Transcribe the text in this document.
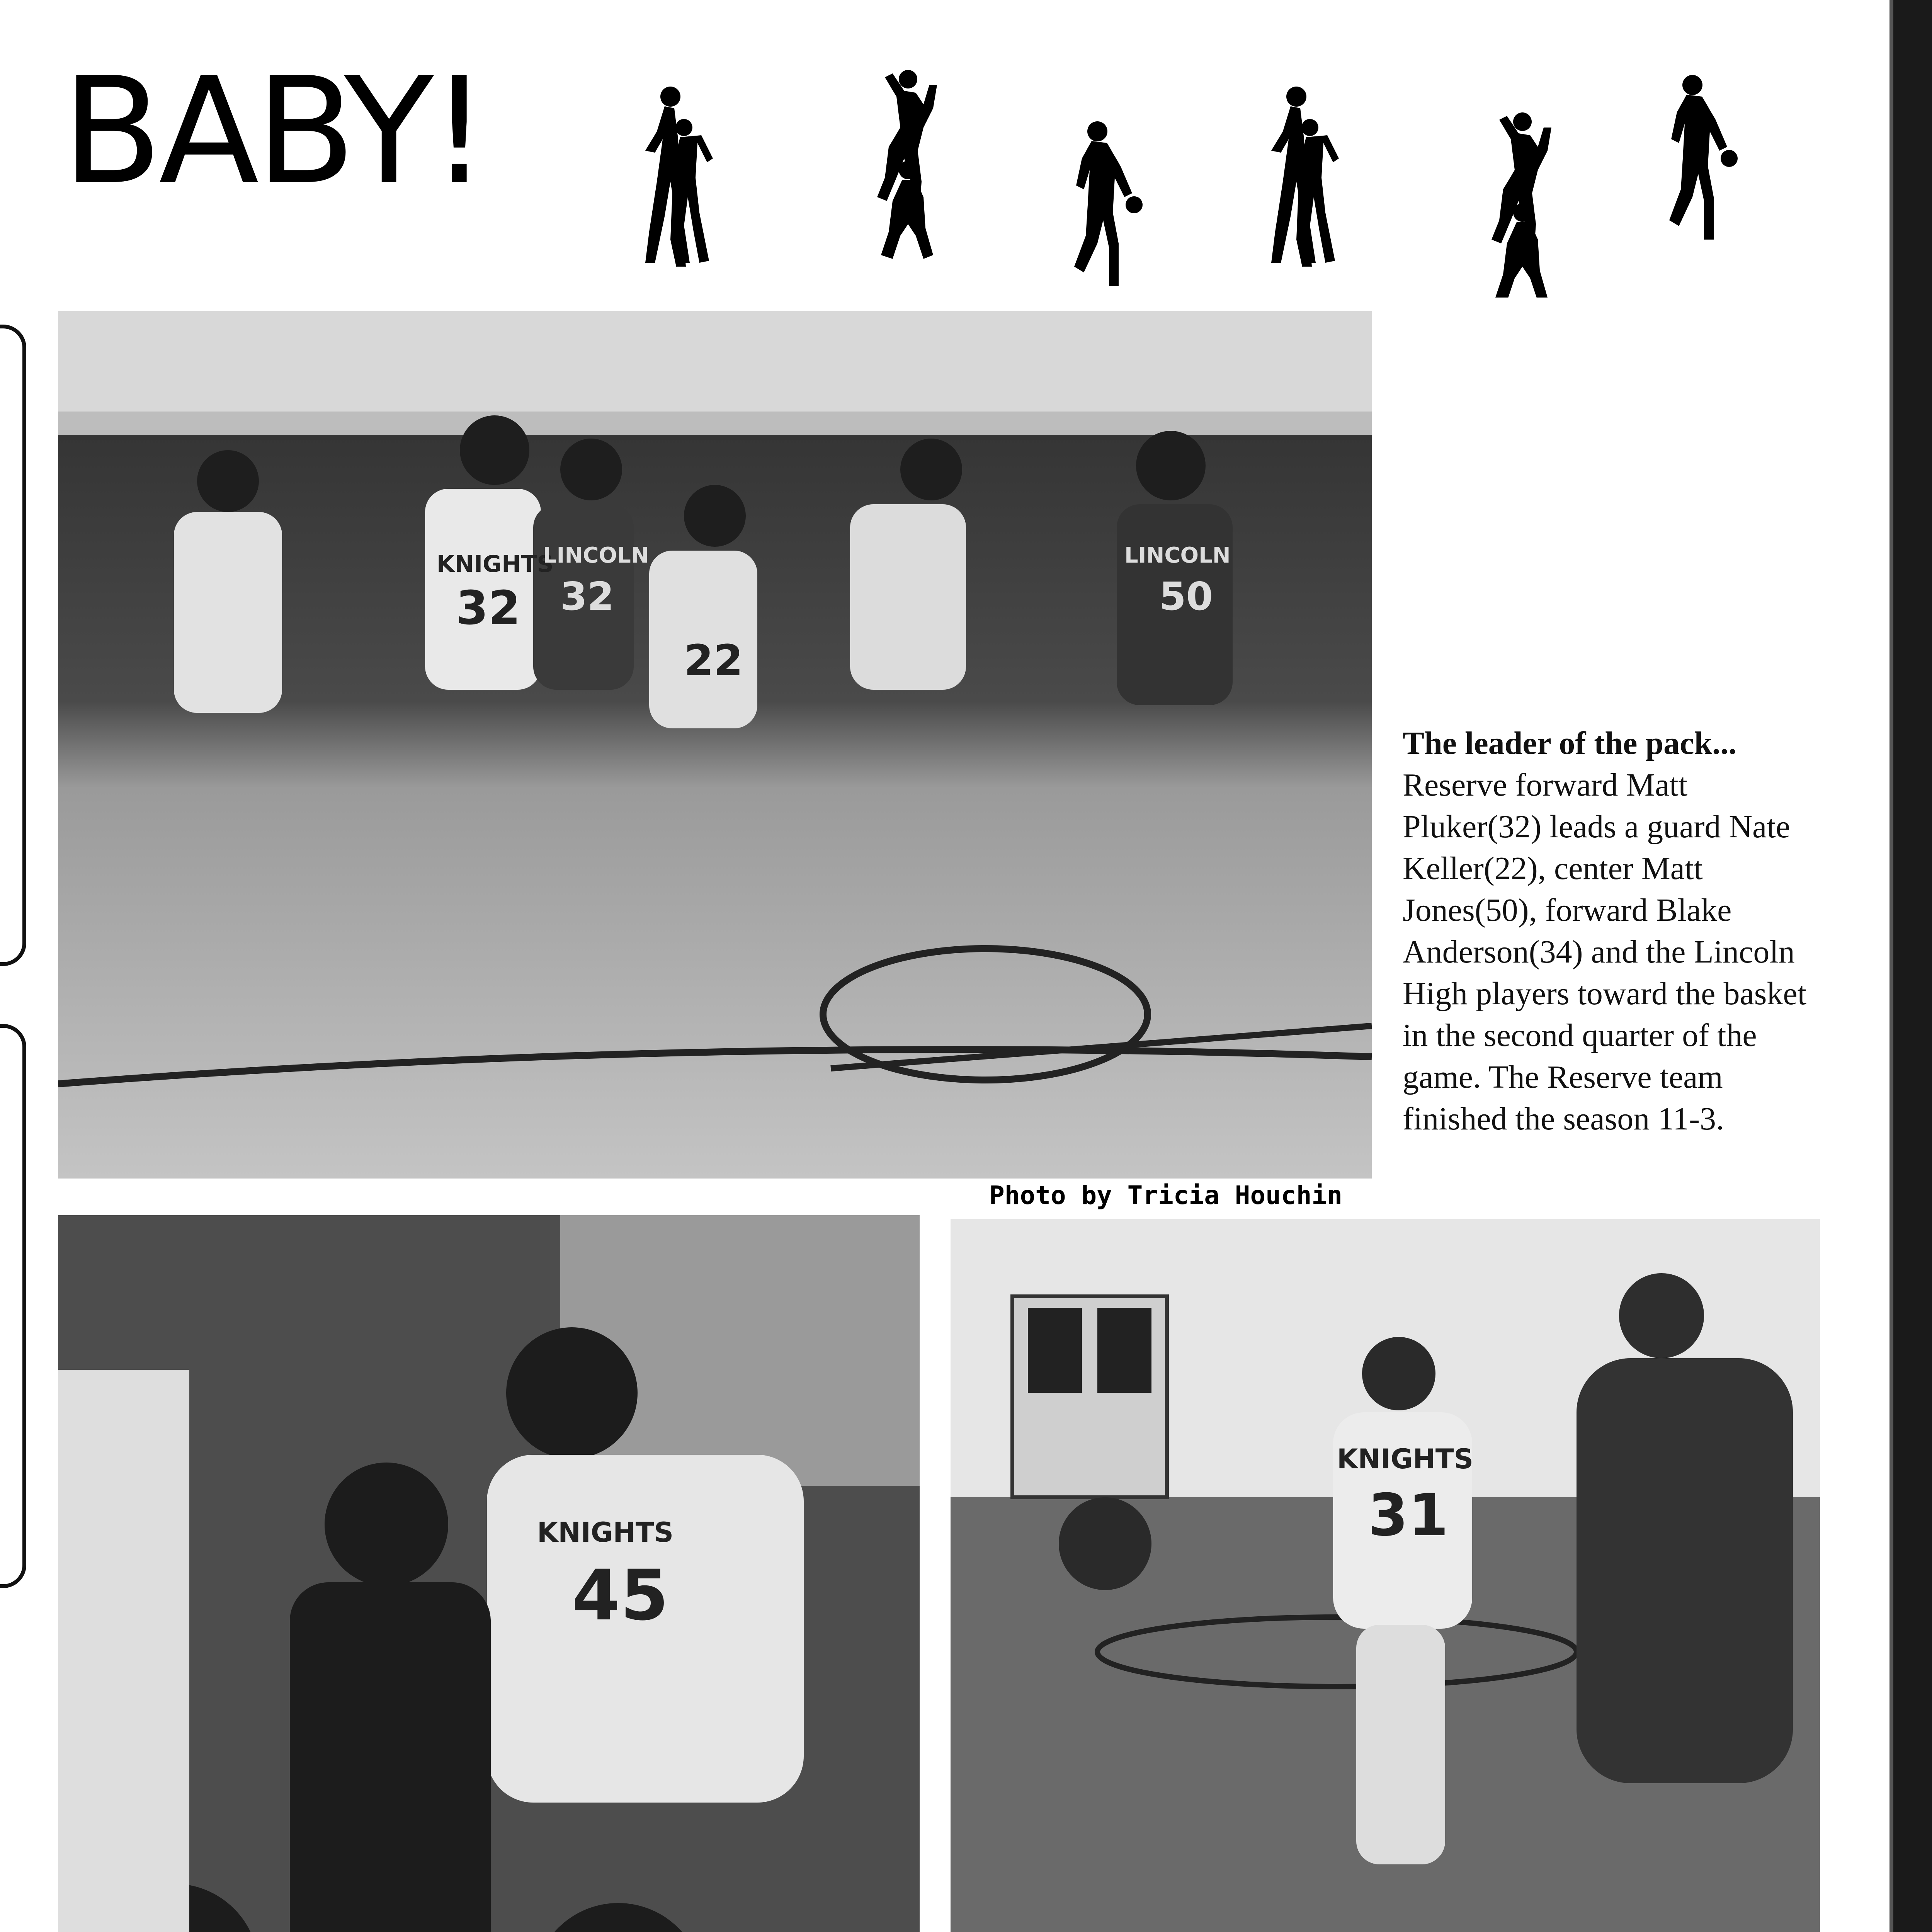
BABY!
KNIGHTS
32
LINCOLN
32
22
LINCOLN
50
Photo by Tricia Houchin
The leader of the pack... Reserve forward Matt Pluker(32) leads a guard Nate Keller(22), center Matt Jones(50), forward Blake Anderson(34) and the Lincoln High players toward the basket in the second quarter of the game. The Reserve team finished the season 11-3.
KNIGHTS
45
KNIGHTS
31
